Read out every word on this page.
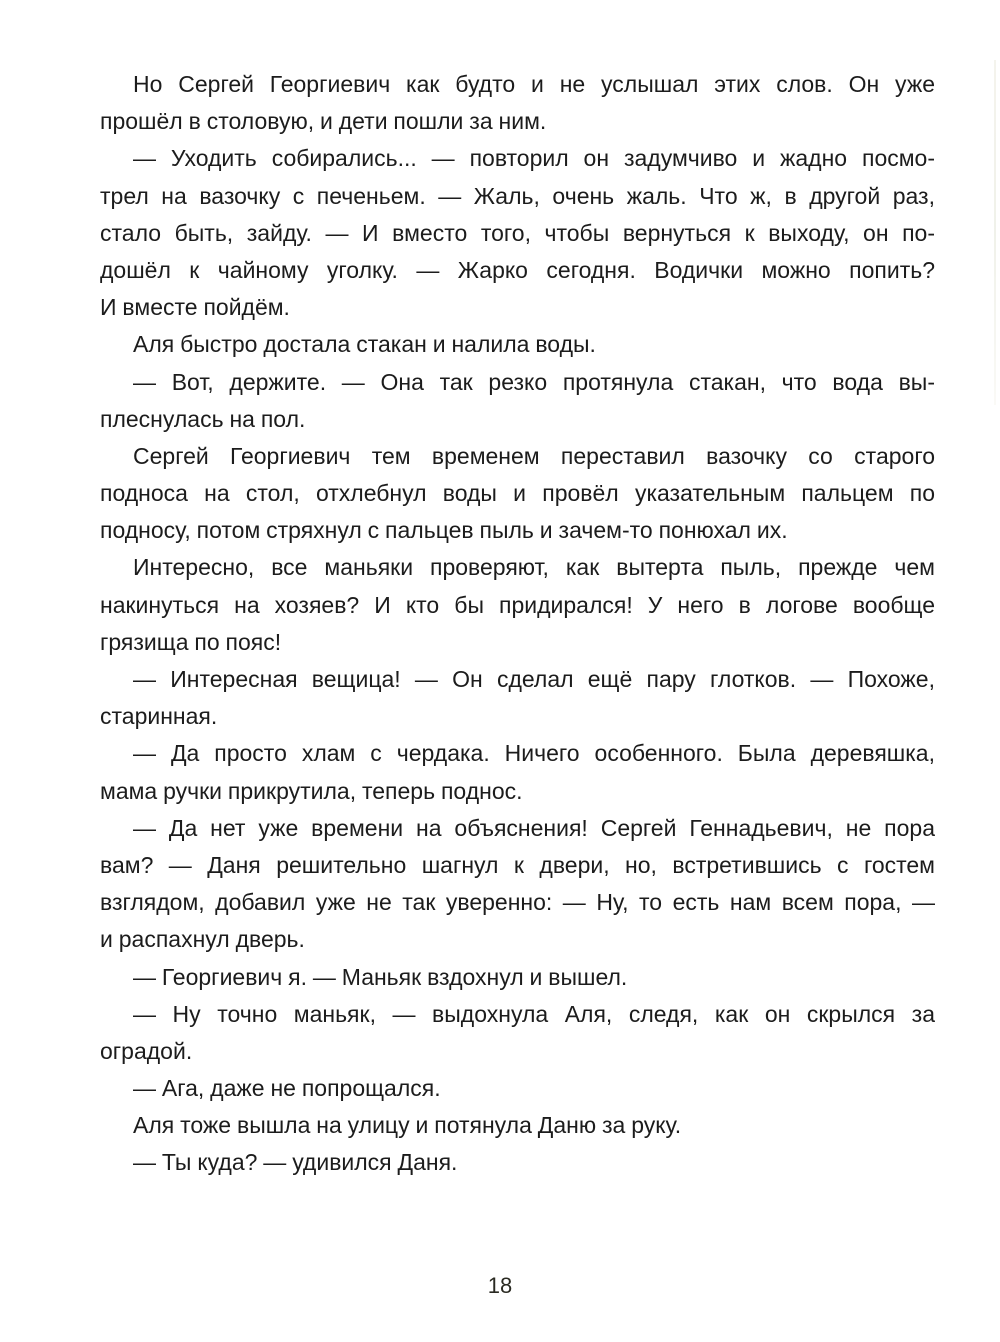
Но Сергей Георгиевич как будто и не услышал этих слов. Он уже
прошёл в столовую, и дети пошли за ним.
— Уходить собирались... — повторил он задумчиво и жадно посмо-
трел на вазочку с печеньем. — Жаль, очень жаль. Что ж, в другой раз,
стало быть, зайду. — И вместо того, чтобы вернуться к выходу, он по-
дошёл к чайному уголку. — Жарко сегодня. Водички можно попить?
И вместе пойдём.
Аля быстро достала стакан и налила воды.
— Вот, держите. — Она так резко протянула стакан, что вода вы-
плеснулась на пол.
Сергей Георгиевич тем временем переставил вазочку со старого
подноса на стол, отхлебнул воды и провёл указательным пальцем по
подносу, потом стряхнул с пальцев пыль и зачем-то понюхал их.
Интересно, все маньяки проверяют, как вытерта пыль, прежде чем
накинуться на хозяев? И кто бы придирался! У него в логове вообще
грязища по пояс!
— Интересная вещица! — Он сделал ещё пару глотков. — Похоже,
старинная.
— Да просто хлам с чердака. Ничего особенного. Была деревяшка,
мама ручки прикрутила, теперь поднос.
— Да нет уже времени на объяснения! Сергей Геннадьевич, не пора
вам? — Даня решительно шагнул к двери, но, встретившись с гостем
взглядом, добавил уже не так уверенно: — Ну, то есть нам всем пора, —
и распахнул дверь.
— Георгиевич я. — Маньяк вздохнул и вышел.
— Ну точно маньяк, — выдохнула Аля, следя, как он скрылся за
оградой.
— Ага, даже не попрощался.
Аля тоже вышла на улицу и потянула Даню за руку.
— Ты куда? — удивился Даня.
18
